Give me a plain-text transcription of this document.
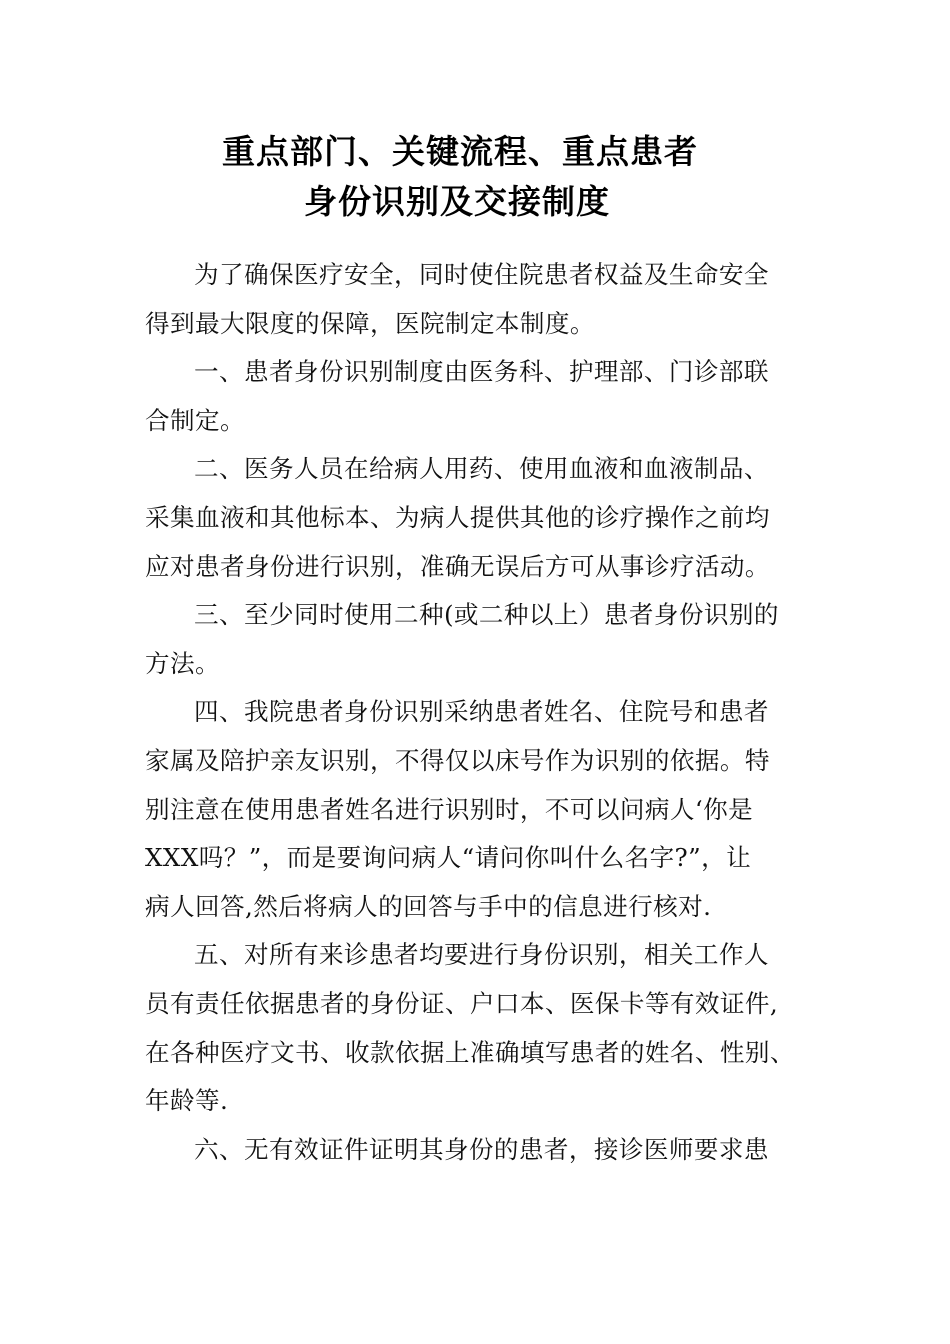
重点部门、关键流程、重点患者
身份识别及交接制度
为了确保医疗安全，同时使住院患者权益及生命安全
得到最大限度的保障，医院制定本制度。
一、患者身份识别制度由医务科、护理部、门诊部联
合制定。
二、医务人员在给病人用药、使用血液和血液制品、
采集血液和其他标本、为病人提供其他的诊疗操作之前均
应对患者身份进行识别，准确无误后方可从事诊疗活动。
三、至少同时使用二种(或二种以上）患者身份识别的
方法。
四、我院患者身份识别采纳患者姓名、住院号和患者
家属及陪护亲友识别，不得仅以床号作为识别的依据。特
别注意在使用患者姓名进行识别时，不可以问病人‘你是
XXX吗？”，而是要询问病人“请问你叫什么名字?”，让
病人回答,然后将病人的回答与手中的信息进行核对.
五、对所有来诊患者均要进行身份识别，相关工作人
员有责任依据患者的身份证、户口本、医保卡等有效证件,
在各种医疗文书、收款依据上准确填写患者的姓名、性别、
年龄等.
六、无有效证件证明其身份的患者，接诊医师要求患
